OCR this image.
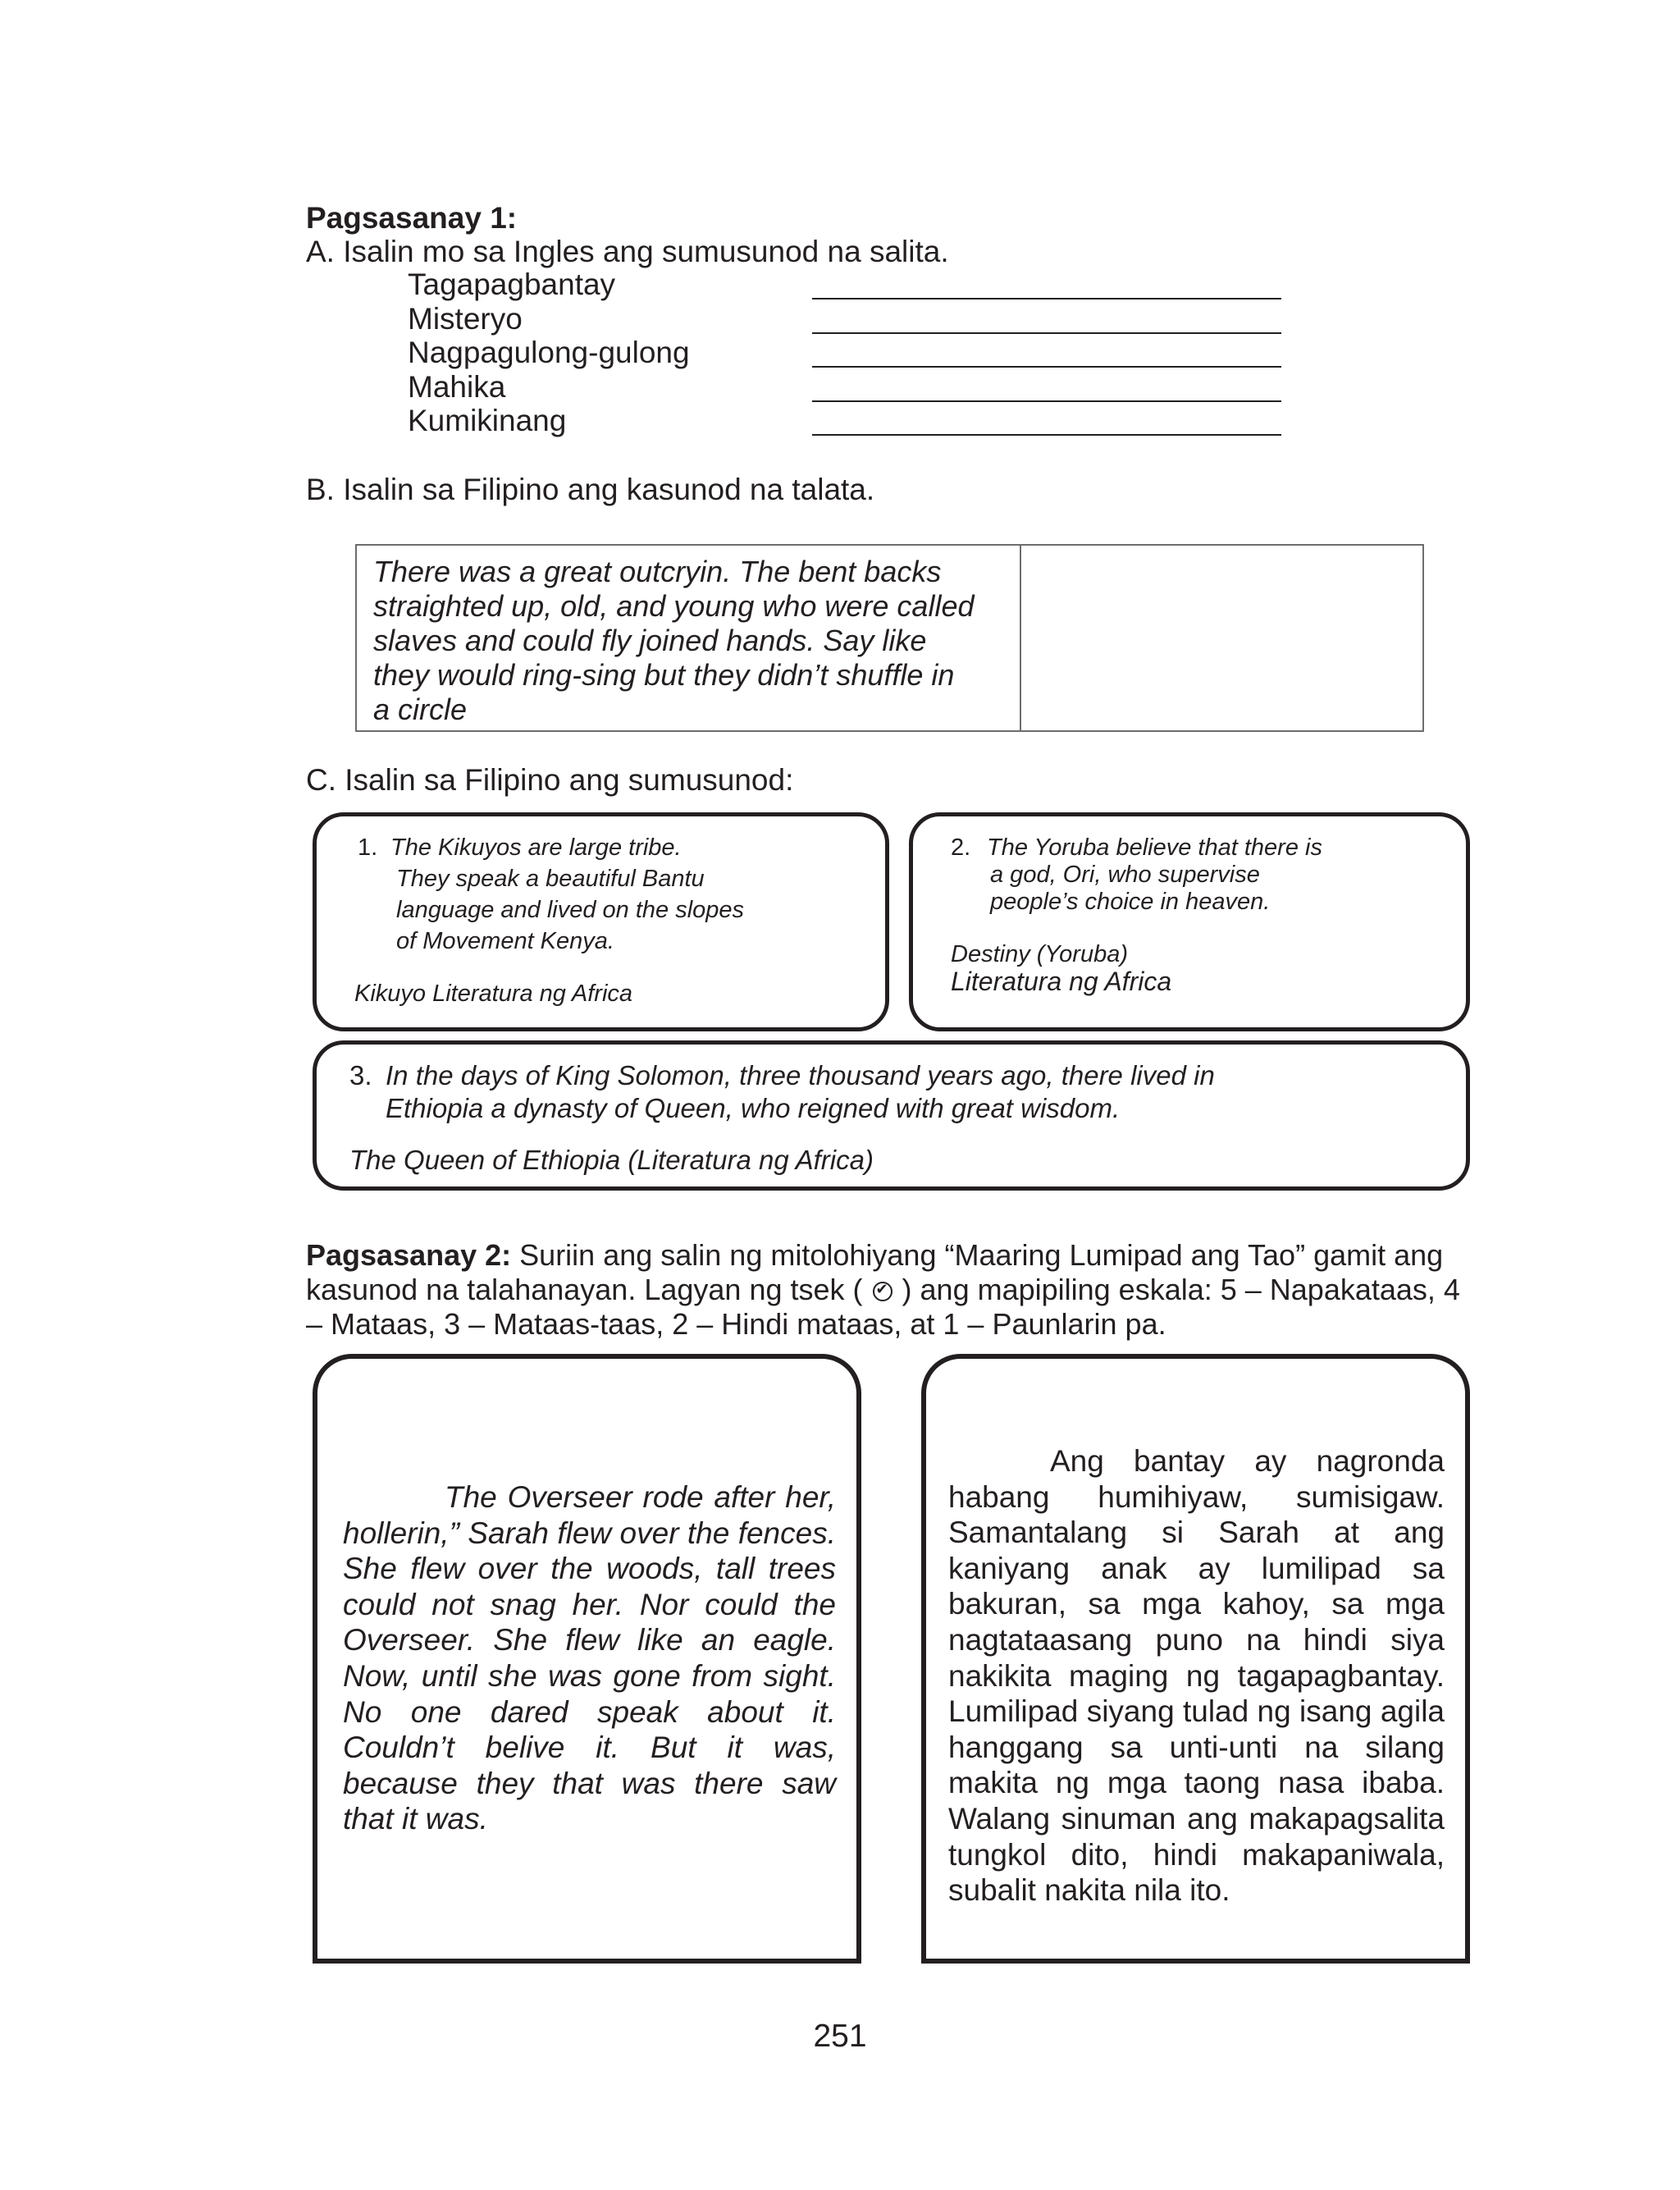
Pagsasanay 1:
A. Isalin mo sa Ingles ang sumusunod na salita.
Tagapagbantay
Misteryo
Nagpagulong-gulong
Mahika
Kumikinang
B. Isalin sa Filipino ang kasunod na talata.
There was a great outcryin. The bent backs
straighted up, old, and young who were called
slaves and could fly joined hands. Say like
they would ring-sing but they didn’t shuffle in
a circle
C. Isalin sa Filipino ang sumusunod:
1. The Kikuyos are large tribe.
They speak a beautiful Bantu
language and lived on the slopes
of Movement Kenya.
Kikuyo Literatura ng Africa
2. The Yoruba believe that there is
a god, Ori, who supervise
people’s choice in heaven.
Destiny (Yoruba)
Literatura ng Africa
3. In the days of King Solomon, three thousand years ago, there lived in
Ethiopia a dynasty of Queen, who reigned with great wisdom.
The Queen of Ethiopia (Literatura ng Africa)
Pagsasanay 2: Suriin ang salin ng mitolohiyang “Maaring Lumipad ang Tao” gamit ang kasunod na talahanayan. Lagyan ng tsek ( ✔ ) ang mapipiling eskala: 5 – Napakataas, 4 – Mataas, 3 – Mataas-taas, 2 – Hindi mataas, at 1 – Paunlarin pa.
The Overseer rode after her, hollerin,” Sarah flew over the fences. She flew over the woods, tall trees could not snag her. Nor could the Overseer. She flew like an eagle. Now, until she was gone from sight. No one dared speak about it. Couldn’t belive it. But it was, because they that was there saw that it was.
Ang bantay ay nagronda habang humihiyaw, sumisigaw. Samantalang si Sarah at ang kaniyang anak ay lumilipad sa bakuran, sa mga kahoy, sa mga nagtataasang puno na hindi siya nakikita maging ng tagapagbantay. Lumilipad siyang tulad ng isang agila hanggang sa unti-unti na silang makita ng mga taong nasa ibaba. Walang sinuman ang makapagsalita tungkol dito, hindi makapaniwala, subalit nakita nila ito.
251
